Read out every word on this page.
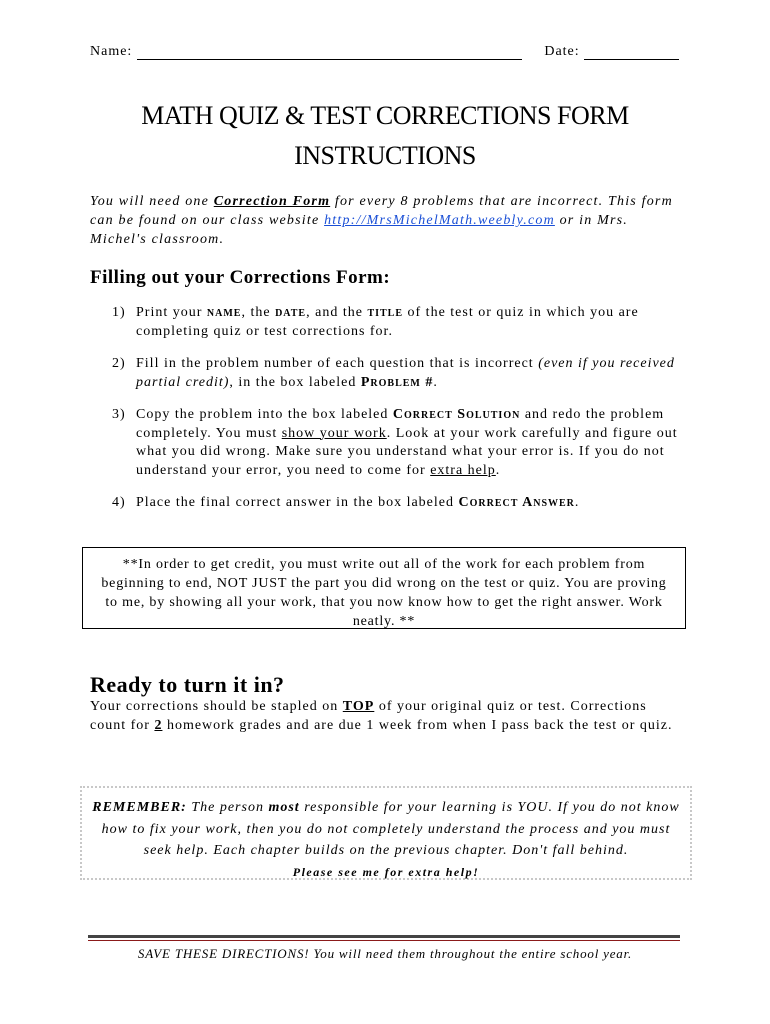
Name:	Date:
MATH QUIZ & TEST CORRECTIONS FORM
INSTRUCTIONS
You will need one Correction Form for every 8 problems that are incorrect. This form can be found on our class website http://MrsMichelMath.weebly.com or in Mrs. Michel's classroom.
Filling out your Corrections Form:
1) Print your name, the date, and the title of the test or quiz in which you are completing quiz or test corrections for.
2) Fill in the problem number of each question that is incorrect (even if you received partial credit), in the box labeled Problem #.
3) Copy the problem into the box labeled Correct Solution and redo the problem completely. You must show your work. Look at your work carefully and figure out what you did wrong. Make sure you understand what your error is. If you do not understand your error, you need to come for extra help.
4) Place the final correct answer in the box labeled Correct Answer.
**In order to get credit, you must write out all of the work for each problem from beginning to end, NOT JUST the part you did wrong on the test or quiz. You are proving to me, by showing all your work, that you now know how to get the right answer. Work neatly. **
Ready to turn it in?
Your corrections should be stapled on TOP of your original quiz or test. Corrections count for 2 homework grades and are due 1 week from when I pass back the test or quiz.
REMEMBER: The person most responsible for your learning is YOU. If you do not know how to fix your work, then you do not completely understand the process and you must seek help. Each chapter builds on the previous chapter. Don't fall behind.
Please see me for extra help!
SAVE THESE DIRECTIONS! You will need them throughout the entire school year.
